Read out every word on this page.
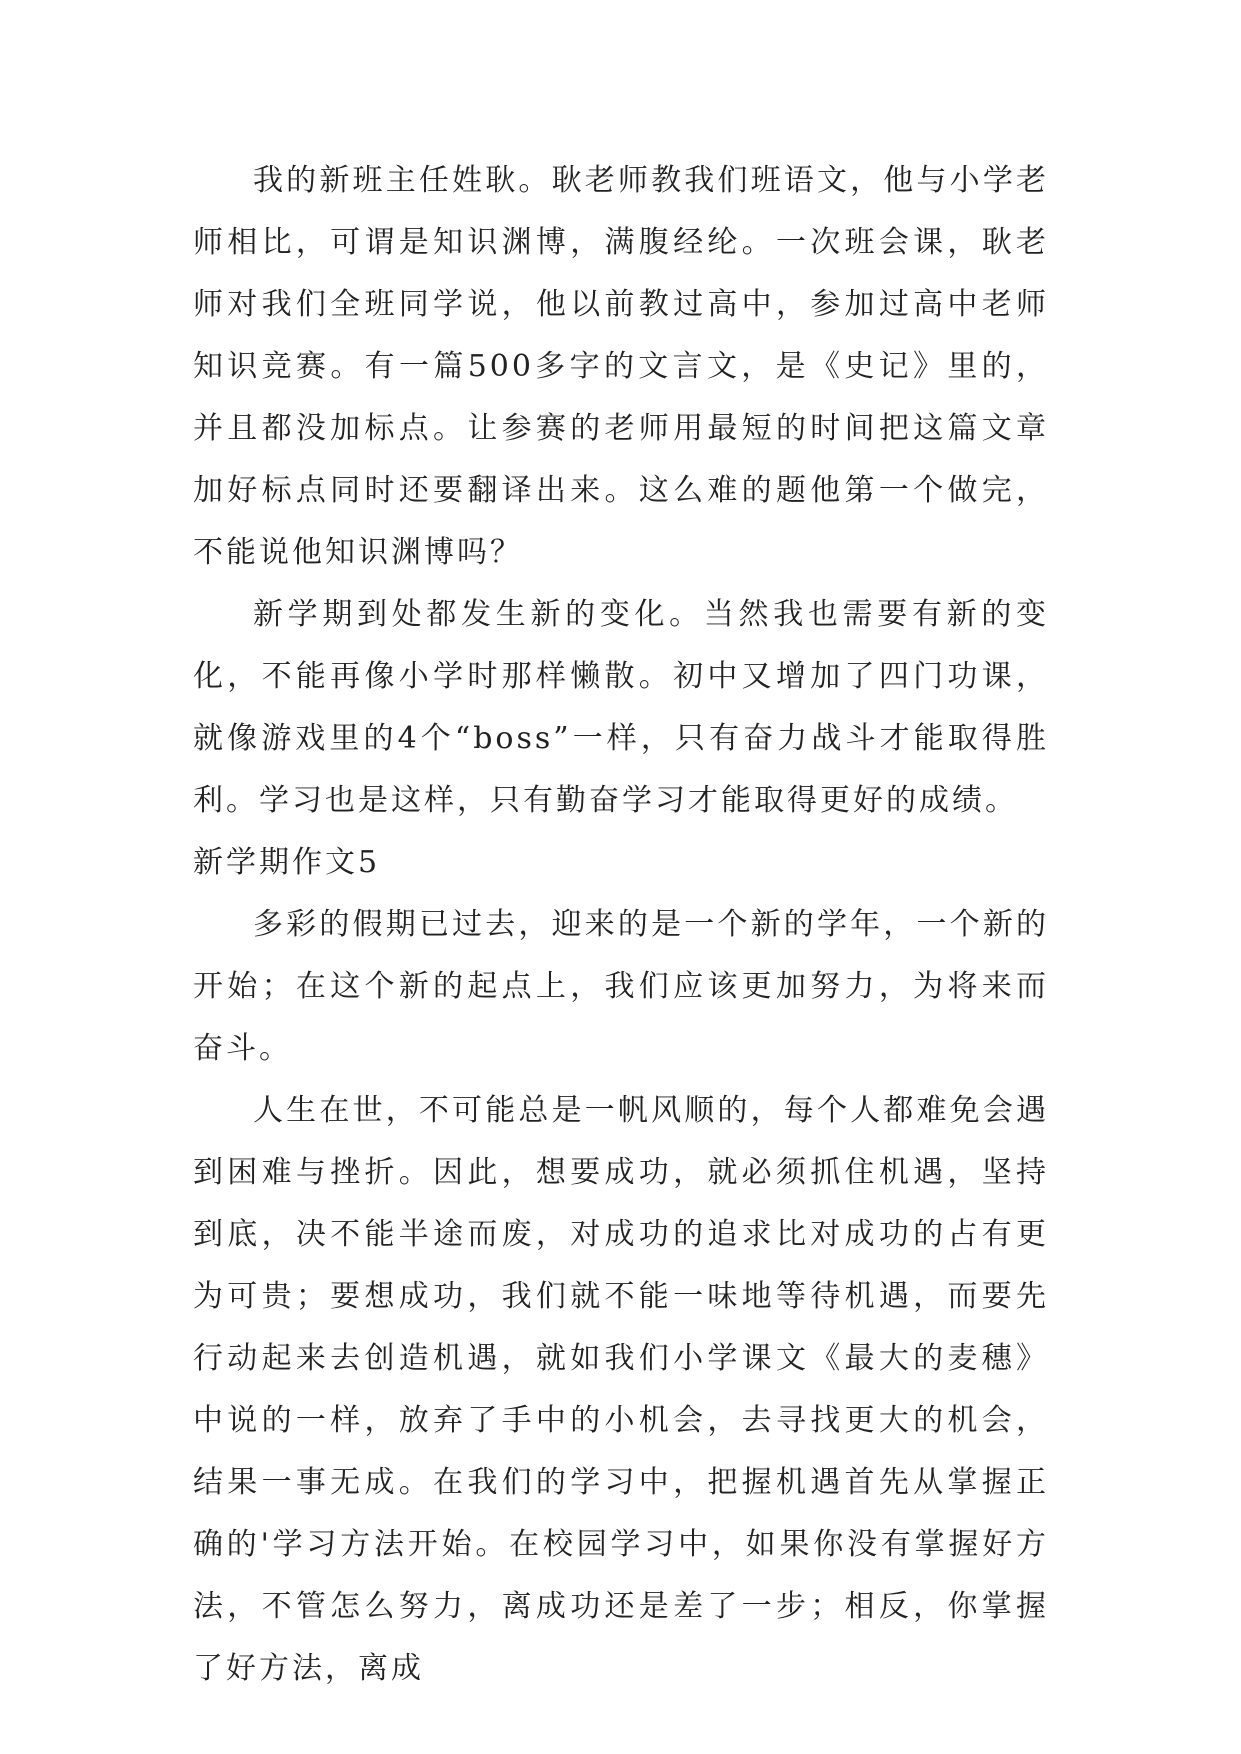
我的新班主任姓耿。耿老师教我们班语文，他与小学老师相比，可谓是知识渊博，满腹经纶。一次班会课，耿老师对我们全班同学说，他以前教过高中，参加过高中老师知识竞赛。有一篇500多字的文言文，是《史记》里的，并且都没加标点。让参赛的老师用最短的时间把这篇文章加好标点同时还要翻译出来。这么难的题他第一个做完，不能说他知识渊博吗？

新学期到处都发生新的变化。当然我也需要有新的变化，不能再像小学时那样懒散。初中又增加了四门功课，就像游戏里的4个“boss”一样，只有奋力战斗才能取得胜利。学习也是这样，只有勤奋学习才能取得更好的成绩。

新学期作文5

多彩的假期已过去，迎来的是一个新的学年，一个新的开始；在这个新的起点上，我们应该更加努力，为将来而奋斗。

人生在世，不可能总是一帆风顺的，每个人都难免会遇到困难与挫折。因此，想要成功，就必须抓住机遇，坚持到底，决不能半途而废，对成功的追求比对成功的占有更为可贵；要想成功，我们就不能一味地等待机遇，而要先行动起来去创造机遇，就如我们小学课文《最大的麦穗》中说的一样，放弃了手中的小机会，去寻找更大的机会，结果一事无成。在我们的学习中，把握机遇首先从掌握正确的'学习方法开始。在校园学习中，如果你没有掌握好方法，不管怎么努力，离成功还是差了一步；相反，你掌握了好方法，离成
